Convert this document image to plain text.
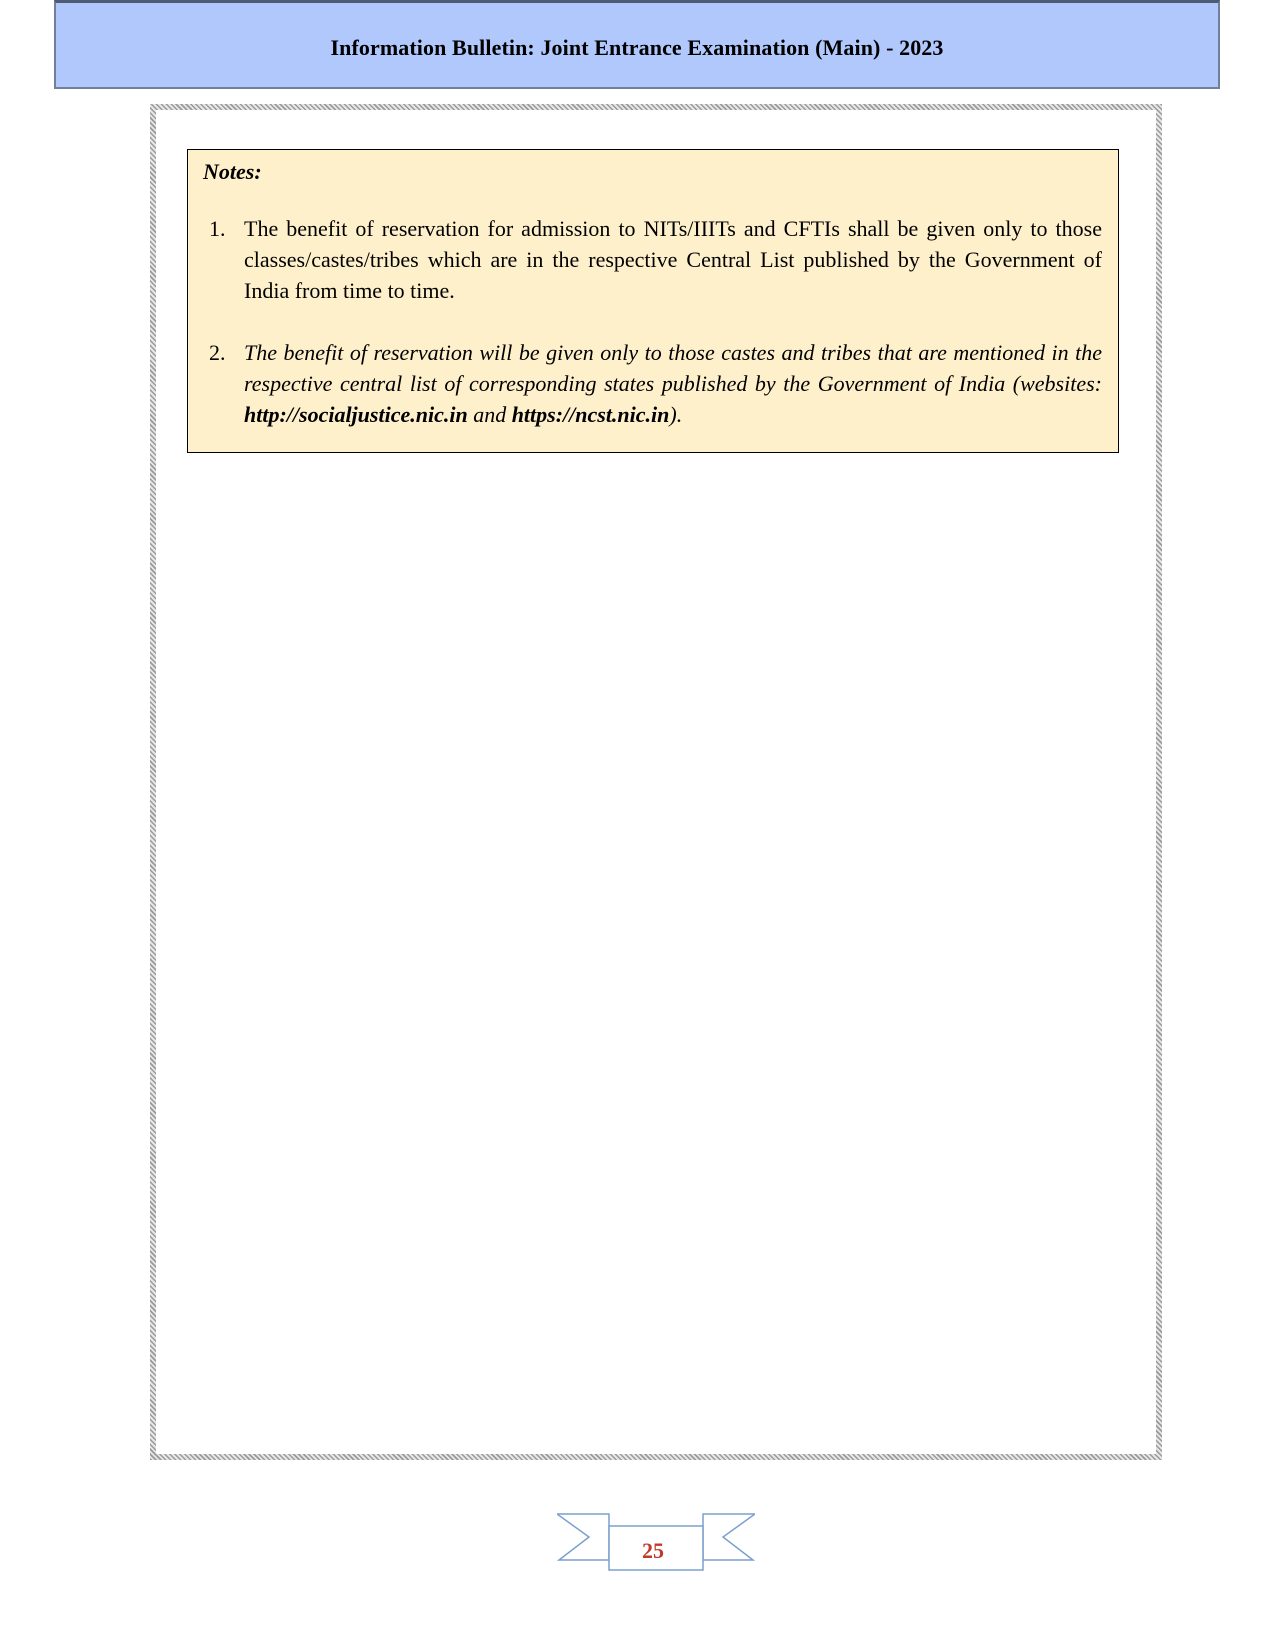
Information Bulletin: Joint Entrance Examination (Main) - 2023
Notes:
1. The benefit of reservation for admission to NITs/IIITs and CFTIs shall be given only to those classes/castes/tribes which are in the respective Central List published by the Government of India from time to time.
2. The benefit of reservation will be given only to those castes and tribes that are mentioned in the respective central list of corresponding states published by the Government of India (websites: http://socialjustice.nic.in and https://ncst.nic.in).
25
